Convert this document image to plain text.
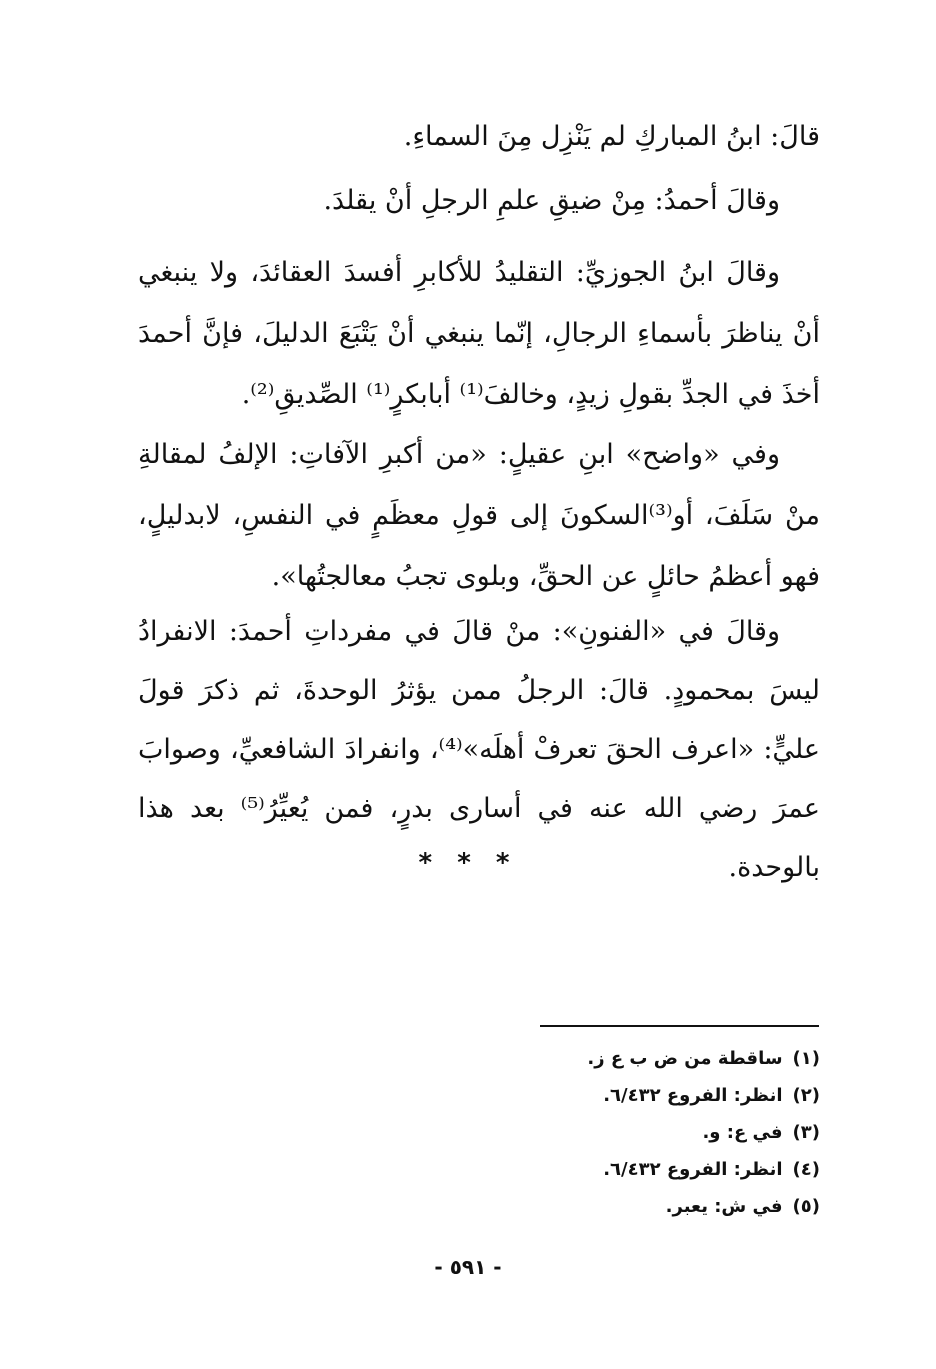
قالَ: ابنُ المباركِ لم يَنْزِل مِنَ السماءِ.

وقالَ أحمدُ: مِنْ ضيقِ علمِ الرجلِ أنْ يقلدَ.

وقالَ ابنُ الجوزيِّ: التقليدُ للأكابرِ أفسدَ العقائدَ، ولا ينبغي أنْ يناظرَ بأسماءِ الرجالِ، إنّما ينبغي أنْ يَتْبَعَ الدليلَ، فإنَّ أحمدَ أخذَ في الجدِّ بقولِ زيدٍ، وخالفَ⁽¹⁾ أبابكرٍ⁽¹⁾ الصِّديقِ⁽²⁾.

وفي «واضح» ابنِ عقيلٍ: «من أكبرِ الآفاتِ: الإلفُ لمقالةِ منْ سَلَفَ، أو⁽³⁾السكونَ إلى قولِ معظَمٍ في النفسِ، لابدليلٍ، فهو أعظمُ حائلٍ عن الحقِّ، وبلوى تجبُ معالجتُها».

وقالَ في «الفنونِ»: منْ قالَ في مفرداتِ أحمدَ: الانفرادُ ليسَ بمحمودٍ. قالَ: الرجلُ ممن يؤثرُ الوحدةَ، ثم ذكرَ قولَ عليٍّ: «اعرف الحقَ تعرفْ أهلَه»⁽⁴⁾، وانفرادَ الشافعيِّ، وصوابَ عمرَ رضي الله عنه في أسارى بدرٍ، فمن يُعيِّرُ⁽⁵⁾ بعد هذا بالوحدة.

* * *
(١)ساقطة من ض ب ع ز.
(٢)انظر: الفروع ٦/٤٣٢.
(٣)في ع: و.
(٤)انظر: الفروع ٦/٤٣٢.
(٥)في ش: يعبر.
- ٥٩١ -
